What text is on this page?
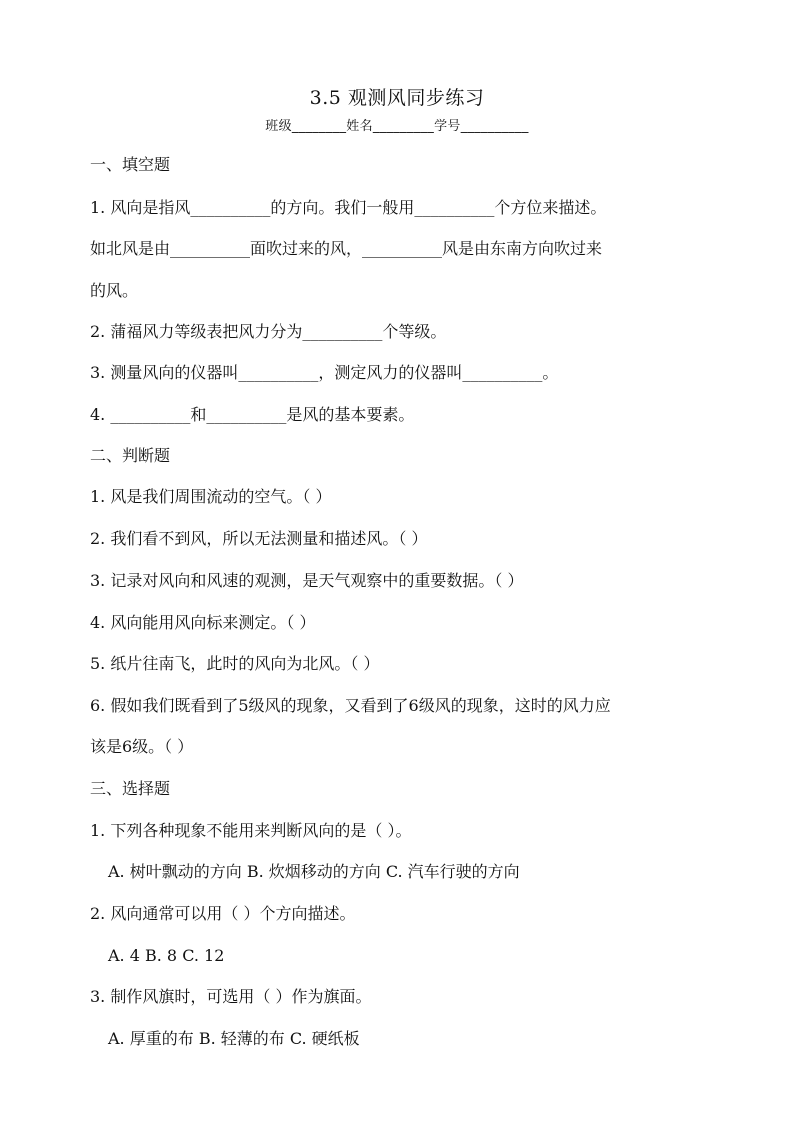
3.5 观测风同步练习
班级________姓名_________学号__________
一、填空题
1. 风向是指风__________的方向。我们一般用__________个方位来描述。
如北风是由__________面吹过来的风，__________风是由东南方向吹过来
的风。
2. 蒲福风力等级表把风力分为__________个等级。
3. 测量风向的仪器叫__________，测定风力的仪器叫__________。
4. __________和__________是风的基本要素。
二、判断题
1. 风是我们周围流动的空气。（ ）
2. 我们看不到风，所以无法测量和描述风。（ ）
3. 记录对风向和风速的观测，是天气观察中的重要数据。（ ）
4. 风向能用风向标来测定。（ ）
5. 纸片往南飞，此时的风向为北风。（ ）
6. 假如我们既看到了5级风的现象，又看到了6级风的现象，这时的风力应
该是6级。（ ）
三、选择题
1. 下列各种现象不能用来判断风向的是（ ）。
A. 树叶飘动的方向 B. 炊烟移动的方向 C. 汽车行驶的方向
2. 风向通常可以用（ ）个方向描述。
A. 4 B. 8 C. 12
3. 制作风旗时，可选用（ ）作为旗面。
A. 厚重的布 B. 轻薄的布 C. 硬纸板
